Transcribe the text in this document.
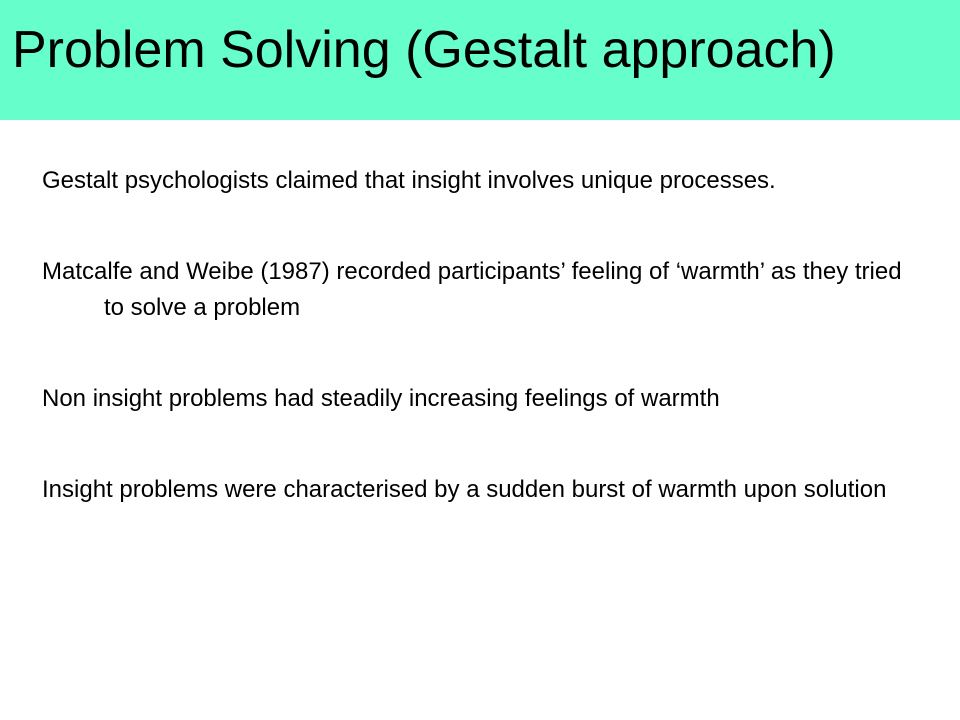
Problem Solving (Gestalt approach)

Gestalt psychologists claimed that insight involves unique processes.

Matcalfe and Weibe (1987) recorded participants’ feeling of ‘warmth’ as they tried to solve a problem

Non insight problems had steadily increasing feelings of warmth

Insight problems were characterised by a sudden burst of warmth upon solution
